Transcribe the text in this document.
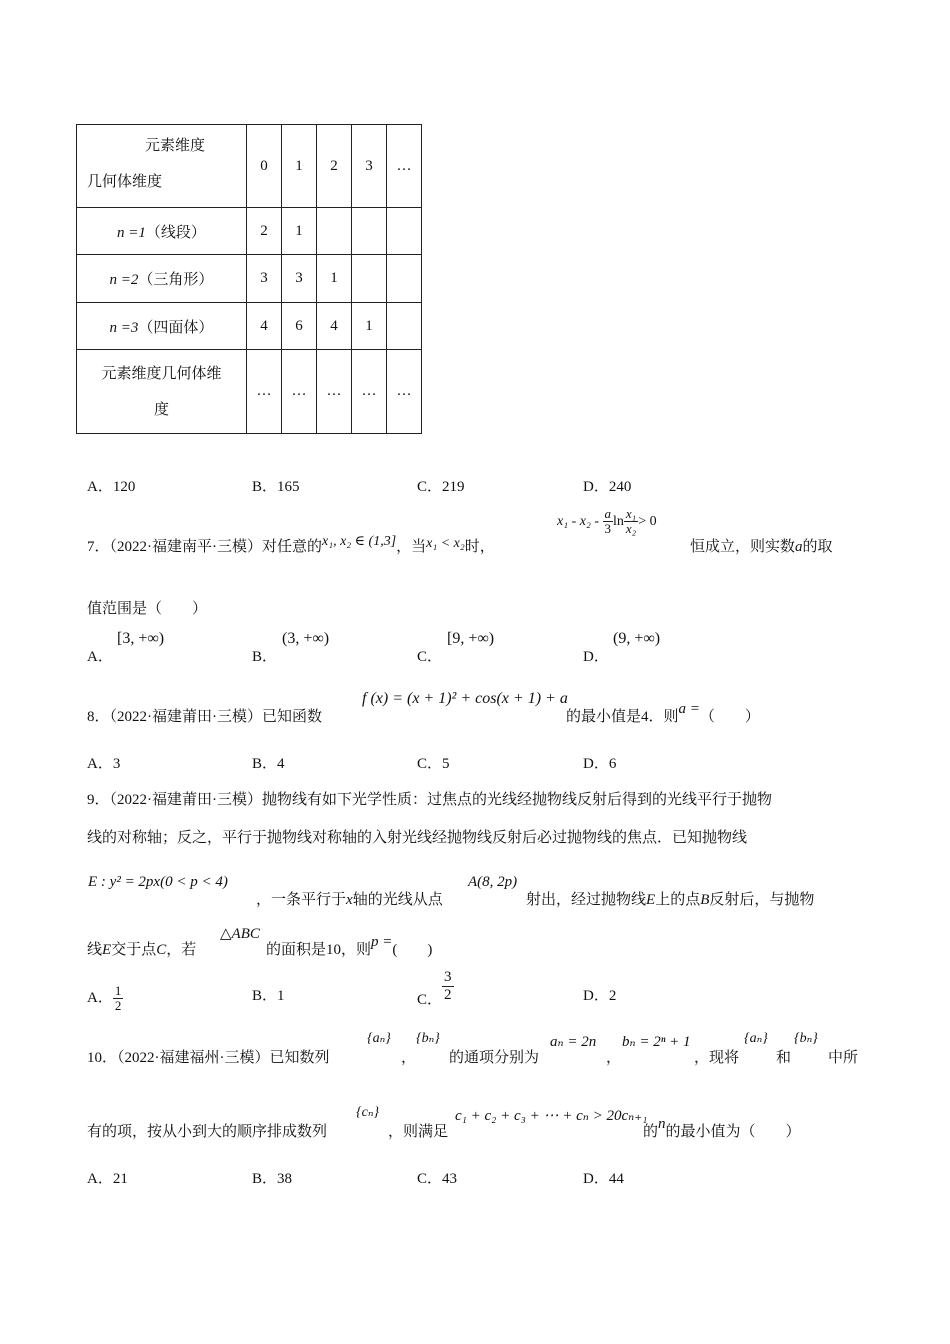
元素维度
几何体维度	0	1	2	3	…
n =1（线段）	2	1			
n =2（三角形）	3	3	1		
n =3（四面体）	4	6	4	1	

元素维度几何体维
度	…	…	…	…	…
A．120	B．165	C．219	D．240
7．（2022·福建南平·三模）对任意的x₁, x₂ ∈ (1,3]，当x₁ < x₂时，
$x_1 - x_2 - \frac{a}{3}$ $\ln \frac{\text{x₁}}{\text{x₂}} > 0$
恒成立，则实数a的取
值范围是（　　）
A．
[3, +∞)
B．
(3, +∞)
C．
[9, +∞)
D．
(9, +∞)
8．（2022·福建莆田·三模）已知函数
f (x) = (x + 1)² + cos(x + 1) + a
的最小值是4．则a =（　　）
A．3	B．4	C．5	D．6
9．（2022·福建莆田·三模）抛物线有如下光学性质：过焦点的光线经抛物线反射后得到的光线平行于抛物
线的对称轴；反之，平行于抛物线对称轴的入射光线经抛物线反射后必过抛物线的焦点．已知抛物线
E : y² = 2px(0 < p < 4)
，一条平行于x轴的光线从点
A(8, 2p)
射出，经过抛物线E上的点B反射后，与抛物
线E交于点C，若
△ABC
的面积是10，则p =(　　)
A． $\frac{1}{2}$	B．1	C． $\frac{3}{2}$	D．2
10．（2022·福建福州·三模）已知数列
{aₙ}
，
{bₙ}
的通项分别为
aₙ = 2n
，
bₙ = 2ⁿ + 1
，现将
{aₙ}
和
{bₙ}
中所
有的项，按从小到大的顺序排成数列
{cₙ}
，则满足
c₁ + c₂ + c₃ + ⋯ + cₙ > 20cₙ₊₁
的n的最小值为（　　）
A．21	B．38	C．43	D．44
